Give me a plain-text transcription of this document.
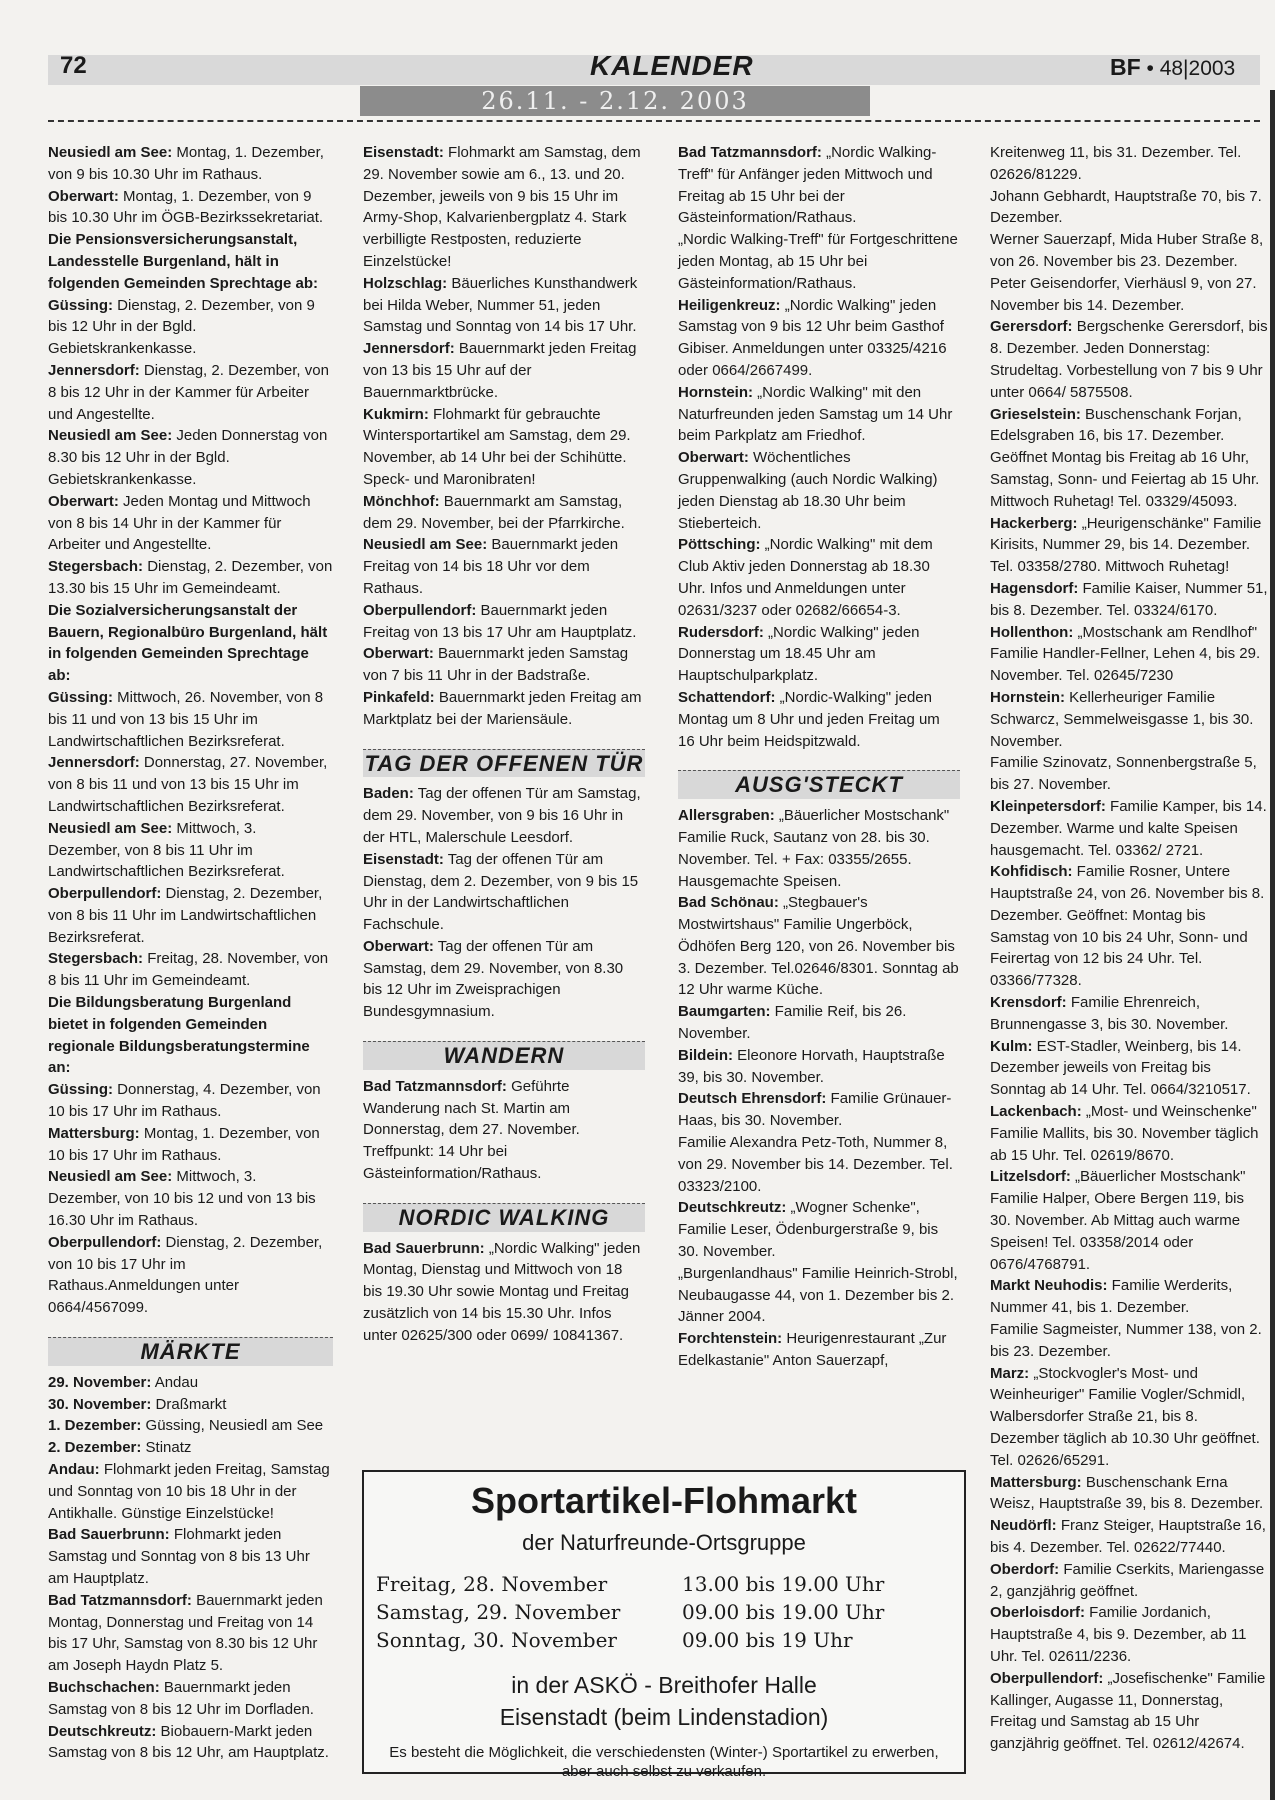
72	KALENDER	BF • 48|2003
26.11. - 2.12. 2003

Neusiedl am See: Montag, 1. Dezember, von 9 bis 10.30 Uhr im Rathaus.

Oberwart: Montag, 1. Dezember, von 9 bis 10.30 Uhr im ÖGB-Bezirkssekretariat.

Die Pensionsversicherungsanstalt, Landesstelle Burgenland, hält in folgenden Gemeinden Sprechtage ab:

Güssing: Dienstag, 2. Dezember, von 9 bis 12 Uhr in der Bgld. Gebietskrankenkasse.

Jennersdorf: Dienstag, 2. Dezember, von 8 bis 12 Uhr in der Kammer für Arbeiter und Angestellte.

Neusiedl am See: Jeden Donnerstag von 8.30 bis 12 Uhr in der Bgld. Gebietskrankenkasse.

Oberwart: Jeden Montag und Mittwoch von 8 bis 14 Uhr in der Kammer für Arbeiter und Angestellte.

Stegersbach: Dienstag, 2. Dezember, von 13.30 bis 15 Uhr im Gemeindeamt.

Die Sozialversicherungsanstalt der Bauern, Regionalbüro Burgenland, hält in folgenden Gemeinden Sprechtage ab:

Güssing: Mittwoch, 26. November, von 8 bis 11 und von 13 bis 15 Uhr im Landwirtschaftlichen Bezirksreferat.

Jennersdorf: Donnerstag, 27. November, von 8 bis 11 und von 13 bis 15 Uhr im Landwirtschaftlichen Bezirksreferat.

Neusiedl am See: Mittwoch, 3. Dezember, von 8 bis 11 Uhr im Landwirtschaftlichen Bezirksreferat.

Oberpullendorf: Dienstag, 2. Dezember, von 8 bis 11 Uhr im Landwirtschaftlichen Bezirksreferat.

Stegersbach: Freitag, 28. November, von 8 bis 11 Uhr im Gemeindeamt.

Die Bildungsberatung Burgenland bietet in folgenden Gemeinden regionale Bildungsberatungstermine an:

Güssing: Donnerstag, 4. Dezember, von 10 bis 17 Uhr im Rathaus.

Mattersburg: Montag, 1. Dezember, von 10 bis 17 Uhr im Rathaus.

Neusiedl am See: Mittwoch, 3. Dezember, von 10 bis 12 und von 13 bis 16.30 Uhr im Rathaus.

Oberpullendorf: Dienstag, 2. Dezember, von 10 bis 17 Uhr im Rathaus.Anmeldungen unter 0664/4567099.

MÄRKTE

29. November: Andau

30. November: Draßmarkt

1. Dezember: Güssing, Neusiedl am See

2. Dezember: Stinatz

Andau: Flohmarkt jeden Freitag, Samstag und Sonntag von 10 bis 18 Uhr in der Antikhalle. Günstige Einzelstücke!

Bad Sauerbrunn: Flohmarkt jeden Samstag und Sonntag von 8 bis 13 Uhr am Hauptplatz.

Bad Tatzmannsdorf: Bauernmarkt jeden Montag, Donnerstag und Freitag von 14 bis 17 Uhr, Samstag von 8.30 bis 12 Uhr am Joseph Haydn Platz 5.

Buchschachen: Bauernmarkt jeden Samstag von 8 bis 12 Uhr im Dorfladen.

Deutschkreutz: Biobauern-Markt jeden Samstag von 8 bis 12 Uhr, am Hauptplatz.

Eisenstadt: Flohmarkt am Samstag, dem 29. November sowie am 6., 13. und 20. Dezember, jeweils von 9 bis 15 Uhr im Army-Shop, Kalvarienbergplatz 4. Stark verbilligte Restposten, reduzierte Einzelstücke!

Holzschlag: Bäuerliches Kunsthandwerk bei Hilda Weber, Nummer 51, jeden Samstag und Sonntag von 14 bis 17 Uhr.

Jennersdorf: Bauernmarkt jeden Freitag von 13 bis 15 Uhr auf der Bauernmarktbrücke.

Kukmirn: Flohmarkt für gebrauchte Wintersportartikel am Samstag, dem 29. November, ab 14 Uhr bei der Schihütte. Speck- und Maronibraten!

Mönchhof: Bauernmarkt am Samstag, dem 29. November, bei der Pfarrkirche.

Neusiedl am See: Bauernmarkt jeden Freitag von 14 bis 18 Uhr vor dem Rathaus.

Oberpullendorf: Bauernmarkt jeden Freitag von 13 bis 17 Uhr am Hauptplatz.

Oberwart: Bauernmarkt jeden Samstag von 7 bis 11 Uhr in der Badstraße.

Pinkafeld: Bauernmarkt jeden Freitag am Marktplatz bei der Mariensäule.

TAG DER OFFENEN TÜR

Baden: Tag der offenen Tür am Samstag, dem 29. November, von 9 bis 16 Uhr in der HTL, Malerschule Leesdorf.

Eisenstadt: Tag der offenen Tür am Dienstag, dem 2. Dezember, von 9 bis 15 Uhr in der Landwirtschaftlichen Fachschule.

Oberwart: Tag der offenen Tür am Samstag, dem 29. November, von 8.30 bis 12 Uhr im Zweisprachigen Bundesgymnasium.

WANDERN

Bad Tatzmannsdorf: Geführte Wanderung nach St. Martin am Donnerstag, dem 27. November. Treffpunkt: 14 Uhr bei Gästeinformation/Rathaus.

NORDIC WALKING

Bad Sauerbrunn: „Nordic Walking" jeden Montag, Dienstag und Mittwoch von 18 bis 19.30 Uhr sowie Montag und Freitag zusätzlich von 14 bis 15.30 Uhr. Infos unter 02625/300 oder 0699/ 10841367.

Bad Tatzmannsdorf: „Nordic Walking-Treff" für Anfänger jeden Mittwoch und Freitag ab 15 Uhr bei der Gästeinformation/Rathaus.

„Nordic Walking-Treff" für Fortgeschrittene jeden Montag, ab 15 Uhr bei Gästeinformation/Rathaus.

Heiligenkreuz: „Nordic Walking" jeden Samstag von 9 bis 12 Uhr beim Gasthof Gibiser. Anmeldungen unter 03325/4216 oder 0664/2667499.

Hornstein: „Nordic Walking" mit den Naturfreunden jeden Samstag um 14 Uhr beim Parkplatz am Friedhof.

Oberwart: Wöchentliches Gruppenwalking (auch Nordic Walking) jeden Dienstag ab 18.30 Uhr beim Stieberteich.

Pöttsching: „Nordic Walking" mit dem Club Aktiv jeden Donnerstag ab 18.30 Uhr. Infos und Anmeldungen unter 02631/3237 oder 02682/66654-3.

Rudersdorf: „Nordic Walking" jeden Donnerstag um 18.45 Uhr am Hauptschulparkplatz.

Schattendorf: „Nordic-Walking" jeden Montag um 8 Uhr und jeden Freitag um 16 Uhr beim Heidspitzwald.

AUSG'STECKT

Allersgraben: „Bäuerlicher Mostschank" Familie Ruck, Sautanz von 28. bis 30. November. Tel. + Fax: 03355/2655. Hausgemachte Speisen.

Bad Schönau: „Stegbauer's Mostwirtshaus" Familie Ungerböck, Ödhöfen Berg 120, von 26. November bis 3. Dezember. Tel.02646/8301. Sonntag ab 12 Uhr warme Küche.

Baumgarten: Familie Reif, bis 26. November.

Bildein: Eleonore Horvath, Hauptstraße 39, bis 30. November.

Deutsch Ehrensdorf: Familie Grünauer-Haas, bis 30. November.

Familie Alexandra Petz-Toth, Nummer 8, von 29. November bis 14. Dezember. Tel. 03323/2100.

Deutschkreutz: „Wogner Schenke", Familie Leser, Ödenburgerstraße 9, bis 30. November.

„Burgenlandhaus" Familie Heinrich-Strobl, Neubaugasse 44, von 1. Dezember bis 2. Jänner 2004.

Forchtenstein: Heurigenrestaurant „Zur Edelkastanie" Anton Sauerzapf,

Kreitenweg 11, bis 31. Dezember. Tel. 02626/81229.

Johann Gebhardt, Hauptstraße 70, bis 7. Dezember.

Werner Sauerzapf, Mida Huber Straße 8, von 26. November bis 23. Dezember.

Peter Geisendorfer, Vierhäusl 9, von 27. November bis 14. Dezember.

Gerersdorf: Bergschenke Gerersdorf, bis 8. Dezember. Jeden Donnerstag: Strudeltag. Vorbestellung von 7 bis 9 Uhr unter 0664/ 5875508.

Grieselstein: Buschenschank Forjan, Edelsgraben 16, bis 17. Dezember. Geöffnet Montag bis Freitag ab 16 Uhr, Samstag, Sonn- und Feiertag ab 15 Uhr. Mittwoch Ruhetag! Tel. 03329/45093.

Hackerberg: „Heurigenschänke" Familie Kirisits, Nummer 29, bis 14. Dezember. Tel. 03358/2780. Mittwoch Ruhetag!

Hagensdorf: Familie Kaiser, Nummer 51, bis 8. Dezember. Tel. 03324/6170.

Hollenthon: „Mostschank am Rendlhof" Familie Handler-Fellner, Lehen 4, bis 29. November. Tel. 02645/7230

Hornstein: Kellerheuriger Familie Schwarcz, Semmelweisgasse 1, bis 30. November.

Familie Szinovatz, Sonnenbergstraße 5, bis 27. November.

Kleinpetersdorf: Familie Kamper, bis 14. Dezember. Warme und kalte Speisen hausgemacht. Tel. 03362/ 2721.

Kohfidisch: Familie Rosner, Untere Hauptstraße 24, von 26. November bis 8. Dezember. Geöffnet: Montag bis Samstag von 10 bis 24 Uhr, Sonn- und Feirertag von 12 bis 24 Uhr. Tel. 03366/77328.

Krensdorf: Familie Ehrenreich, Brunnengasse 3, bis 30. November.

Kulm: EST-Stadler, Weinberg, bis 14. Dezember jeweils von Freitag bis Sonntag ab 14 Uhr. Tel. 0664/3210517.

Lackenbach: „Most- und Weinschenke" Familie Mallits, bis 30. November täglich ab 15 Uhr. Tel. 02619/8670.

Litzelsdorf: „Bäuerlicher Mostschank" Familie Halper, Obere Bergen 119, bis 30. November. Ab Mittag auch warme Speisen! Tel. 03358/2014 oder 0676/4768791.

Markt Neuhodis: Familie Werderits, Nummer 41, bis 1. Dezember.

Familie Sagmeister, Nummer 138, von 2. bis 23. Dezember.

Marz: „Stockvogler's Most- und Weinheuriger" Familie Vogler/Schmidl, Walbersdorfer Straße 21, bis 8. Dezember täglich ab 10.30 Uhr geöffnet. Tel. 02626/65291.

Mattersburg: Buschenschank Erna Weisz, Hauptstraße 39, bis 8. Dezember.

Neudörfl: Franz Steiger, Hauptstraße 16, bis 4. Dezember. Tel. 02622/77440.

Oberdorf: Familie Cserkits, Mariengasse 2, ganzjährig geöffnet.

Oberloisdorf: Familie Jordanich, Hauptstraße 4, bis 9. Dezember, ab 11 Uhr. Tel. 02611/2236.

Oberpullendorf: „Josefischenke" Familie Kallinger, Augasse 11, Donnerstag, Freitag und Samstag ab 15 Uhr ganzjährig geöffnet. Tel. 02612/42674.

Sportartikel-Flohmarkt
der Naturfreunde-Ortsgruppe
Freitag, 28. November	13.00 bis 19.00 Uhr
Samstag, 29. November	09.00 bis 19.00 Uhr
Sonntag, 30. November	09.00 bis 19 Uhr
in der ASKÖ - Breithofer Halle
Eisenstadt (beim Lindenstadion)
Es besteht die Möglichkeit, die verschiedensten (Winter-) Sportartikel zu erwerben, aber auch selbst zu verkaufen.
